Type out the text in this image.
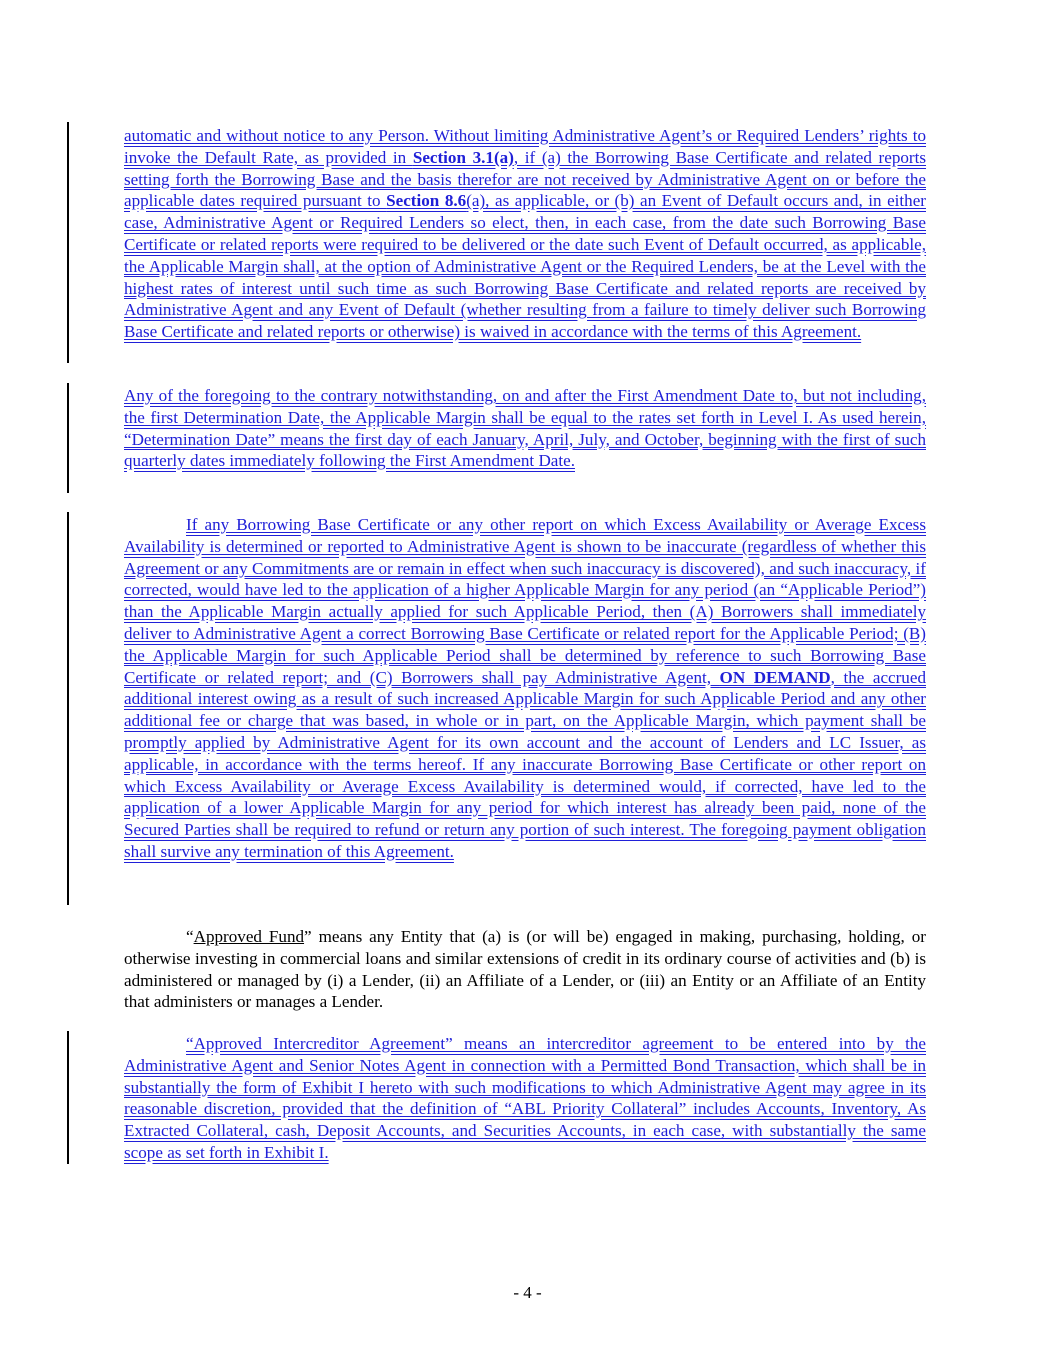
automatic and without notice to any Person. Without limiting Administrative Agent’s or Required Lenders’ rights to invoke the Default Rate, as provided in Section 3.1(a), if (a) the Borrowing Base Certificate and related reports setting forth the Borrowing Base and the basis therefor are not received by Administrative Agent on or before the applicable dates required pursuant to Section 8.6(a), as applicable, or (b) an Event of Default occurs and, in either case, Administrative Agent or Required Lenders so elect, then, in each case, from the date such Borrowing Base Certificate or related reports were required to be delivered or the date such Event of Default occurred, as applicable, the Applicable Margin shall, at the option of Administrative Agent or the Required Lenders, be at the Level with the highest rates of interest until such time as such Borrowing Base Certificate and related reports are received by Administrative Agent and any Event of Default (whether resulting from a failure to timely deliver such Borrowing Base Certificate and related reports or otherwise) is waived in accordance with the terms of this Agreement.

Any of the foregoing to the contrary notwithstanding, on and after the First Amendment Date to, but not including, the first Determination Date, the Applicable Margin shall be equal to the rates set forth in Level I. As used herein, “Determination Date” means the first day of each January, April, July, and October, beginning with the first of such quarterly dates immediately following the First Amendment Date.

If any Borrowing Base Certificate or any other report on which Excess Availability or Average Excess Availability is determined or reported to Administrative Agent is shown to be inaccurate (regardless of whether this Agreement or any Commitments are or remain in effect when such inaccuracy is discovered), and such inaccuracy, if corrected, would have led to the application of a higher Applicable Margin for any period (an “Applicable Period”) than the Applicable Margin actually applied for such Applicable Period, then (A) Borrowers shall immediately deliver to Administrative Agent a correct Borrowing Base Certificate or related report for the Applicable Period; (B) the Applicable Margin for such Applicable Period shall be determined by reference to such Borrowing Base Certificate or related report; and (C) Borrowers shall pay Administrative Agent, ON DEMAND, the accrued additional interest owing as a result of such increased Applicable Margin for such Applicable Period and any other additional fee or charge that was based, in whole or in part, on the Applicable Margin, which payment shall be promptly applied by Administrative Agent for its own account and the account of Lenders and LC Issuer, as applicable, in accordance with the terms hereof. If any inaccurate Borrowing Base Certificate or other report on which Excess Availability or Average Excess Availability is determined would, if corrected, have led to the application of a lower Applicable Margin for any period for which interest has already been paid, none of the Secured Parties shall be required to refund or return any portion of such interest. The foregoing payment obligation shall survive any termination of this Agreement.

“Approved Fund” means any Entity that (a) is (or will be) engaged in making, purchasing, holding, or otherwise investing in commercial loans and similar extensions of credit in its ordinary course of activities and (b) is administered or managed by (i) a Lender, (ii) an Affiliate of a Lender, or (iii) an Entity or an Affiliate of an Entity that administers or manages a Lender.

“Approved Intercreditor Agreement” means an intercreditor agreement to be entered into by the Administrative Agent and Senior Notes Agent in connection with a Permitted Bond Transaction, which shall be in substantially the form of Exhibit I hereto with such modifications to which Administrative Agent may agree in its reasonable discretion, provided that the definition of “ABL Priority Collateral” includes Accounts, Inventory, As Extracted Collateral, cash, Deposit Accounts, and Securities Accounts, in each case, with substantially the same scope as set forth in Exhibit I.

- 4 -
